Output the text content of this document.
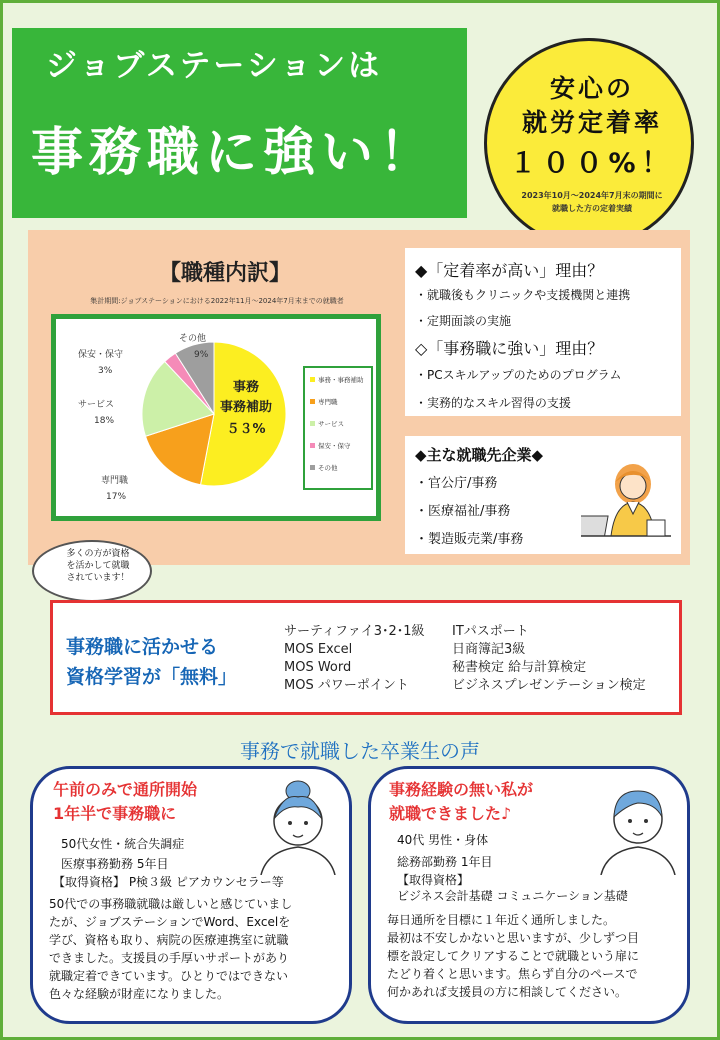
ジョブステーションは
事務職に強い！
安心の
就労定着率
１００%！
2023年10月～2024年7月末の期間に
就職した方の定着実績
【職種内訳】
集計期間:ジョブステーションにおける2022年11月～2024年7月末までの就職者
事務
事務補助
５３%
専門職
17%
サービス
18%
保安・保守
3%
その他
9%
事務・事務補助
専門職
サービス
保安・保守
その他
◆「定着率が高い」理由？
・就職後もクリニックや支援機関と連携
・定期面談の実施
◇「事務職に強い」理由？
・PCスキルアップのためのプログラム
・実務的なスキル習得の支援
◆主な就職先企業◆
・官公庁/事務
・医療福祉/事務
・製造販売業/事務
多くの方が資格
を活かして就職
されています！
事務職に活かせる
資格学習が「無料」
サーティファイ3･2･1級
MOS Excel
MOS Word
MOS パワーポイント
ITパスポート
日商簿記3級
秘書検定 給与計算検定
ビジネスプレゼンテーション検定
事務で就職した卒業生の声
午前のみで通所開始
1年半で事務職に
50代女性・統合失調症
医療事務勤務 5年目
【取得資格】 P検３級 ピアカウンセラー等
50代での事務職就職は厳しいと感じていまし
たが、ジョブステーションでWord、Excelを
学び、資格も取り、病院の医療連携室に就職
できました。支援員の手厚いサポートがあり
就職定着できています。ひとりではできない
色々な経験が財産になりました。
事務経験の無い私が
就職できました♪
40代 男性・身体
総務部勤務 1年目
【取得資格】
ビジネス会計基礎 コミュニケーション基礎
毎日通所を目標に１年近く通所しました。
最初は不安しかないと思いますが、少しずつ目
標を設定してクリアすることで就職という扉に
たどり着くと思います。焦らず自分のペースで
何かあれば支援員の方に相談してください。
